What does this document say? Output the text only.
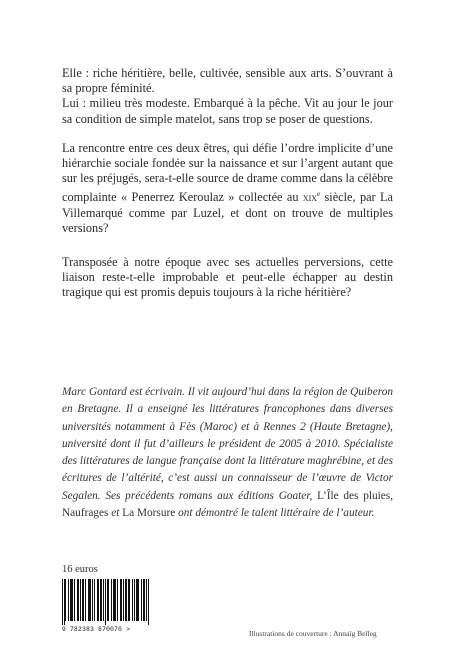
Elle : riche héritière, belle, cultivée, sensible aux arts. S’ouvrant à sa propre féminité.

Lui : milieu très modeste. Embarqué à la pêche. Vit au jour le jour sa condition de simple matelot, sans trop se poser de questions.

La rencontre entre ces deux êtres, qui défie l’ordre implicite d’une hiérarchie sociale fondée sur la naissance et sur l’argent autant que sur les préjugés, sera-t-elle source de drame comme dans la célèbre complainte « Penerrez Keroulaz » collectée au xix$^e$ siècle, par La Villemarqué comme par Luzel, et dont on trouve de multiples versions?

Transposée à notre époque avec ses actuelles perversions, cette liaison reste-t-elle improbable et peut-elle échapper au destin tragique qui est promis depuis toujours à la riche héritière?

Marc Gontard est écrivain. Il vit aujourd’hui dans la région de Quiberon en Bretagne. Il a enseigné les littératures francophones dans diverses universités notamment à Fès (Maroc) et à Rennes 2 (Haute Bretagne), université dont il fut d’ailleurs le président de 2005 à 2010. Spécialiste des littératures de langue française dont la littérature maghrébine, et des écritures de l’altérité, c’est aussi un connaisseur de l’œuvre de Victor Segalen. Ses précédents romans aux éditions Goater, L’Île des pluies, Naufrages et La Morsure ont démontré le talent littéraire de l’auteur.
16 euros
9 782383 670070 >	Illustrations de couverture : Annaïg Belleg
